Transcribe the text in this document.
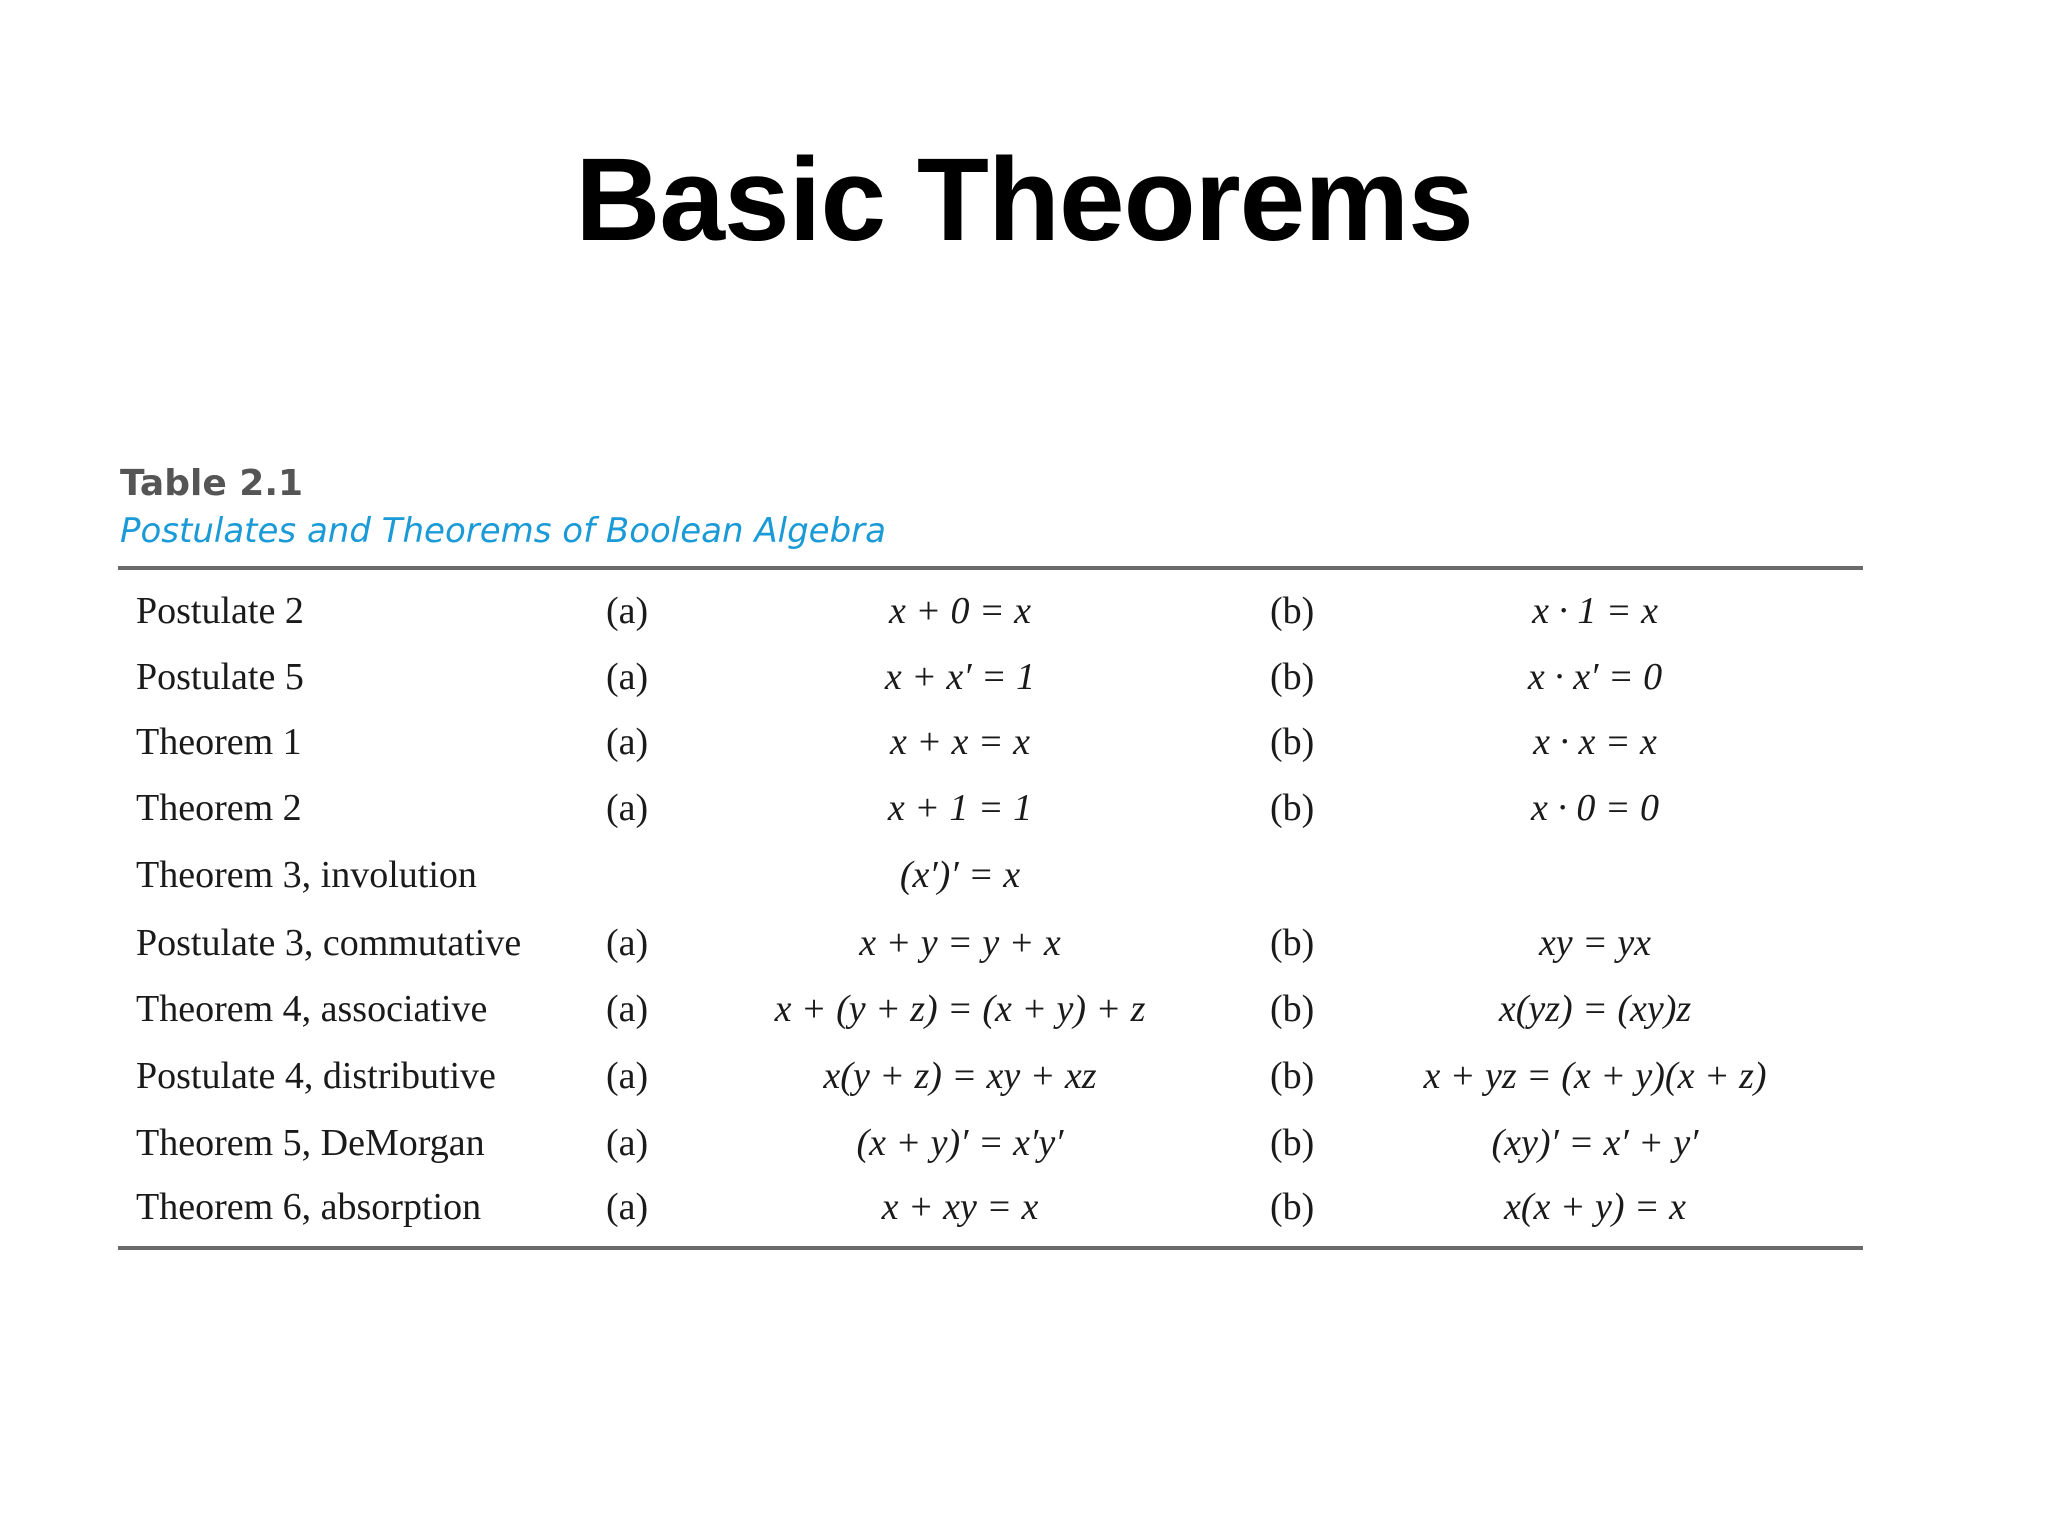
Basic Theorems
Table 2.1
Postulates and Theorems of Boolean Algebra
Postulate 2	(a)	x + 0 = x	(b)	x · 1 = x
Postulate 5	(a)	x + x′ = 1	(b)	x · x′ = 0
Theorem 1	(a)	x + x = x	(b)	x · x = x
Theorem 2	(a)	x + 1 = 1	(b)	x · 0 = 0
Theorem 3, involution	(x′)′ = x
Postulate 3, commutative (a)	x + y = y + x	(b)	xy = yx
Theorem 4, associative	(a)	x + (y + z) = (x + y) + z	(b)	x(yz) = (xy)z
Postulate 4, distributive	(a)	x(y + z) = xy + xz	(b)	x + yz = (x + y)(x + z)
Theorem 5, DeMorgan	(a)	(x + y)′ = x′y′	(b)	(xy)′ = x′ + y′
Theorem 6, absorption	(a)	x + xy = x	(b)	x(x + y) = x
